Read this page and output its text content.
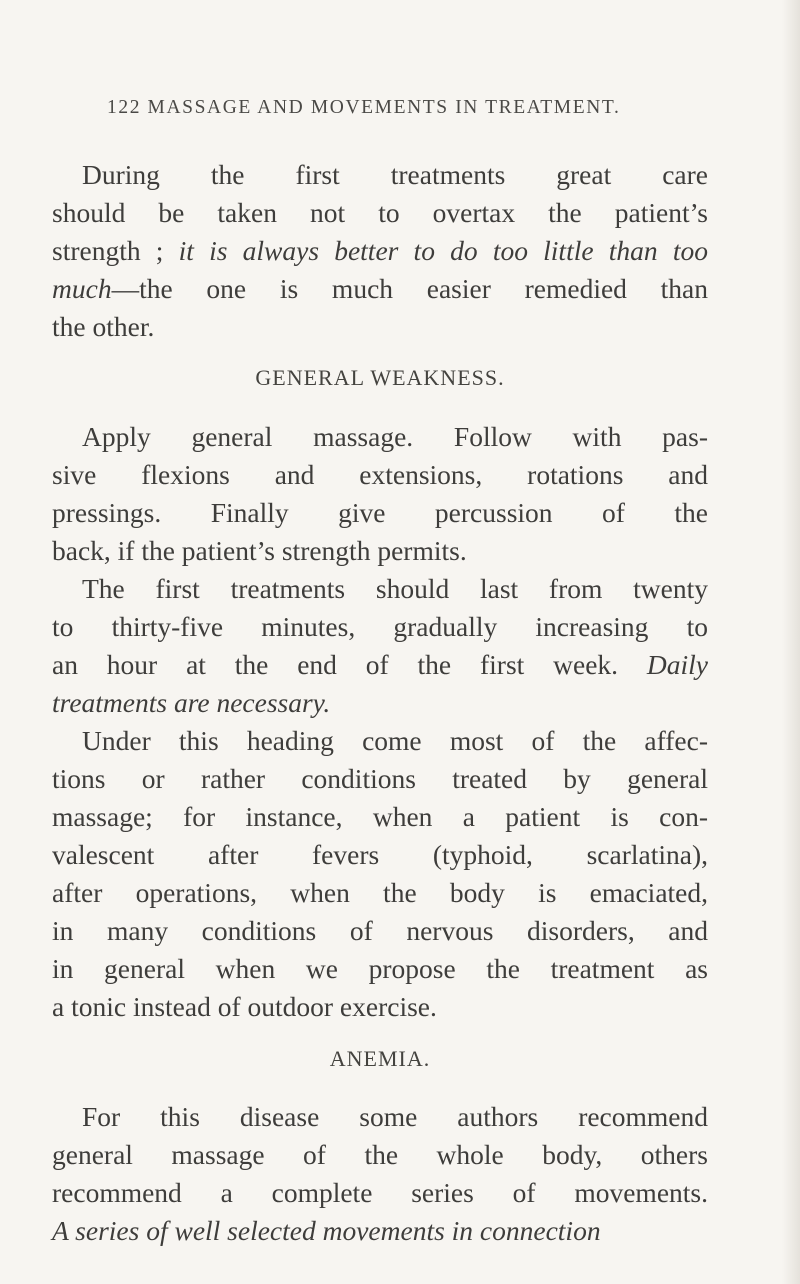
122 MASSAGE AND MOVEMENTS IN TREATMENT.
During the first treatments great care
should be taken not to overtax the patient’s
strength ; it is always better to do too little than too
much—the one is much easier remedied than
the other.
GENERAL WEAKNESS.
Apply general massage. Follow with pas-
sive flexions and extensions, rotations and
pressings. Finally give percussion of the
back, if the patient’s strength permits.
The first treatments should last from twenty
to thirty-five minutes, gradually increasing to
an hour at the end of the first week. Daily
treatments are necessary.
Under this heading come most of the affec-
tions or rather conditions treated by general
massage; for instance, when a patient is con-
valescent after fevers (typhoid, scarlatina),
after operations, when the body is emaciated,
in many conditions of nervous disorders, and
in general when we propose the treatment as
a tonic instead of outdoor exercise.
ANEMIA.
For this disease some authors recommend
general massage of the whole body, others
recommend a complete series of movements.
A series of well selected movements in connection
